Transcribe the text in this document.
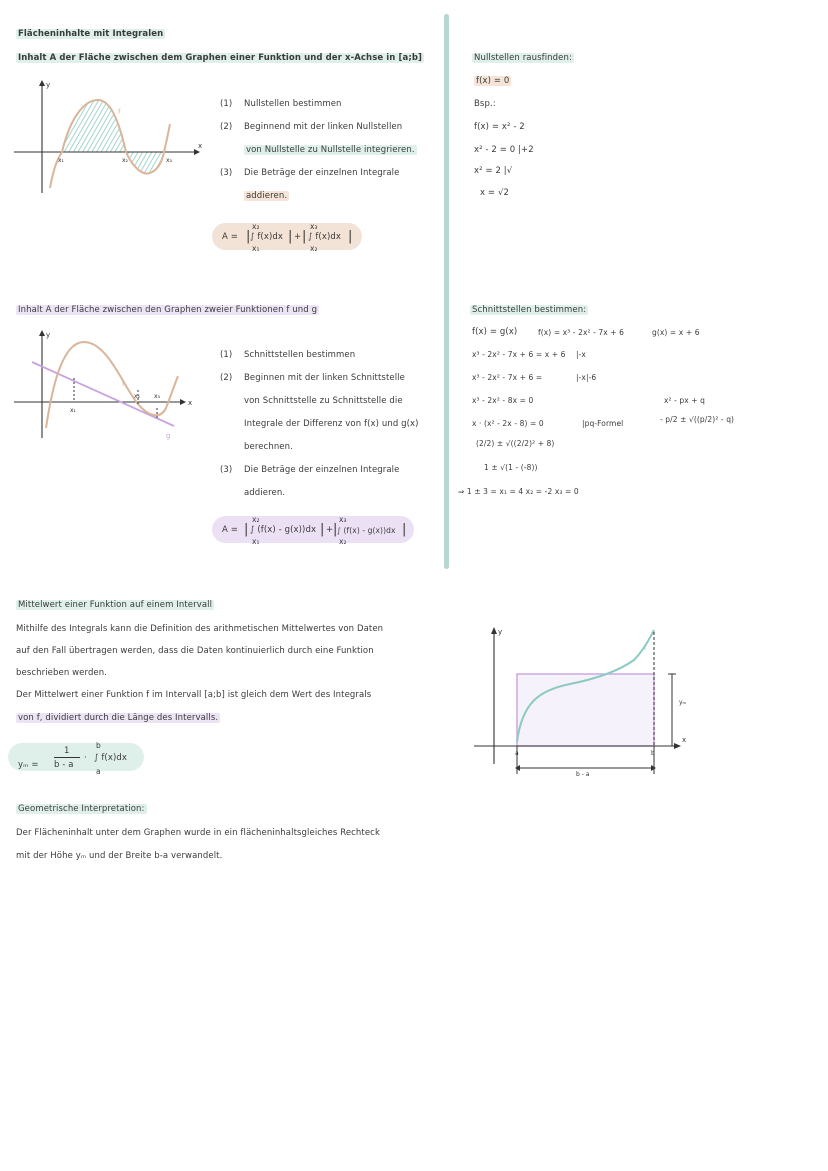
Flächeninhalte mit Integralen
Inhalt A der Fläche zwischen dem Graphen einer Funktion und der x-Achse in [a;b]
y
x
x₁	x₂	x₃
f
(1) Nullstellen bestimmen
(2) Beginnend mit der linken Nullstellen
von Nullstelle zu Nullstelle integrieren.
(3) Die Beträge der einzelnen Integrale
addieren.
A = |
x₂
x₁
∫ f(x)dx | + |
x₃
x₂
∫ f(x)dx |
Nullstellen rausfinden:
f(x) = 0
Bsp.:
f(x) = x² - 2
x² - 2 = 0 |+2
x² = 2 |√
x = √2
Inhalt A der Fläche zwischen den Graphen zweier Funktionen f und g
y
x
x₁
x₂ x₃
f
g
(1) Schnittstellen bestimmen
(2) Beginnen mit der linken Schnittstelle
von Schnittstelle zu Schnittstelle die
Integrale der Differenz von f(x) und g(x)
berechnen.
(3) Die Beträge der einzelnen Integrale
addieren.
A = |
x₂
x₁
∫ (f(x) - g(x))dx | + |
x₃
x₂
∫ (f(x) - g(x))dx |
Schnittstellen bestimmen:
f(x) = g(x)	f(x) = x³ - 2x² - 7x + 6	g(x) = x + 6
x³ - 2x² - 7x + 6 = x + 6 |-x
x³ - 2x² - 7x + 6 =	|-x|-6
x³ - 2x² - 8x = 0	x² - px + q
x · (x² - 2x - 8) = 0	|pq-Formel	- p/2 ± √((p/2)² - q)
(2/2) ± √((2/2)² + 8)
1 ± √(1 - (-8))
⇒ 1 ± 3 = x₁ = 4 x₂ = -2 x₃ = 0
Mittelwert einer Funktion auf einem Intervall
Mithilfe des Integrals kann die Definition des arithmetischen Mittelwertes von Daten
auf den Fall übertragen werden, dass die Daten kontinuierlich durch eine Funktion
beschrieben werden.
Der Mittelwert einer Funktion f im Intervall [a;b] ist gleich dem Wert des Integrals
von f, dividiert durch die Länge des Intervalls.
yₘ =
1
b - a
·
b
a
∫ f(x)dx
Geometrische Interpretation:
Der Flächeninhalt unter dem Graphen wurde in ein flächeninhaltsgleiches Rechteck
mit der Höhe yₘ und der Breite b-a verwandelt.
y
x
a	b
f
yₘ
b - a
